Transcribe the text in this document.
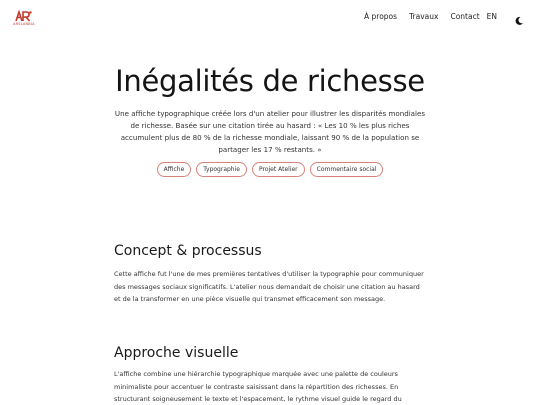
ARSLANBIA
À propos Travaux Contact EN
Inégalités de richesse

Une affiche typographique créée lors d'un atelier pour illustrer les disparités mondiales de richesse. Basée sur une citation tirée au hasard : « Les 10 % les plus riches accumulent plus de 80 % de la richesse mondiale, laissant 90 % de la population se partager les 17 % restants. »

Affiche	Typographie	Projet Atelier	Commentaire social
Concept & processus

Cette affiche fut l'une de mes premières tentatives d'utiliser la typographie pour communiquer des messages sociaux significatifs. L'atelier nous demandait de choisir une citation au hasard et de la transformer en une pièce visuelle qui transmet efficacement son message.

Approche visuelle

L'affiche combine une hiérarchie typographique marquée avec une palette de couleurs minimaliste pour accentuer le contraste saisissant dans la répartition des richesses. En structurant soigneusement le texte et l'espacement, le rythme visuel guide le regard du
